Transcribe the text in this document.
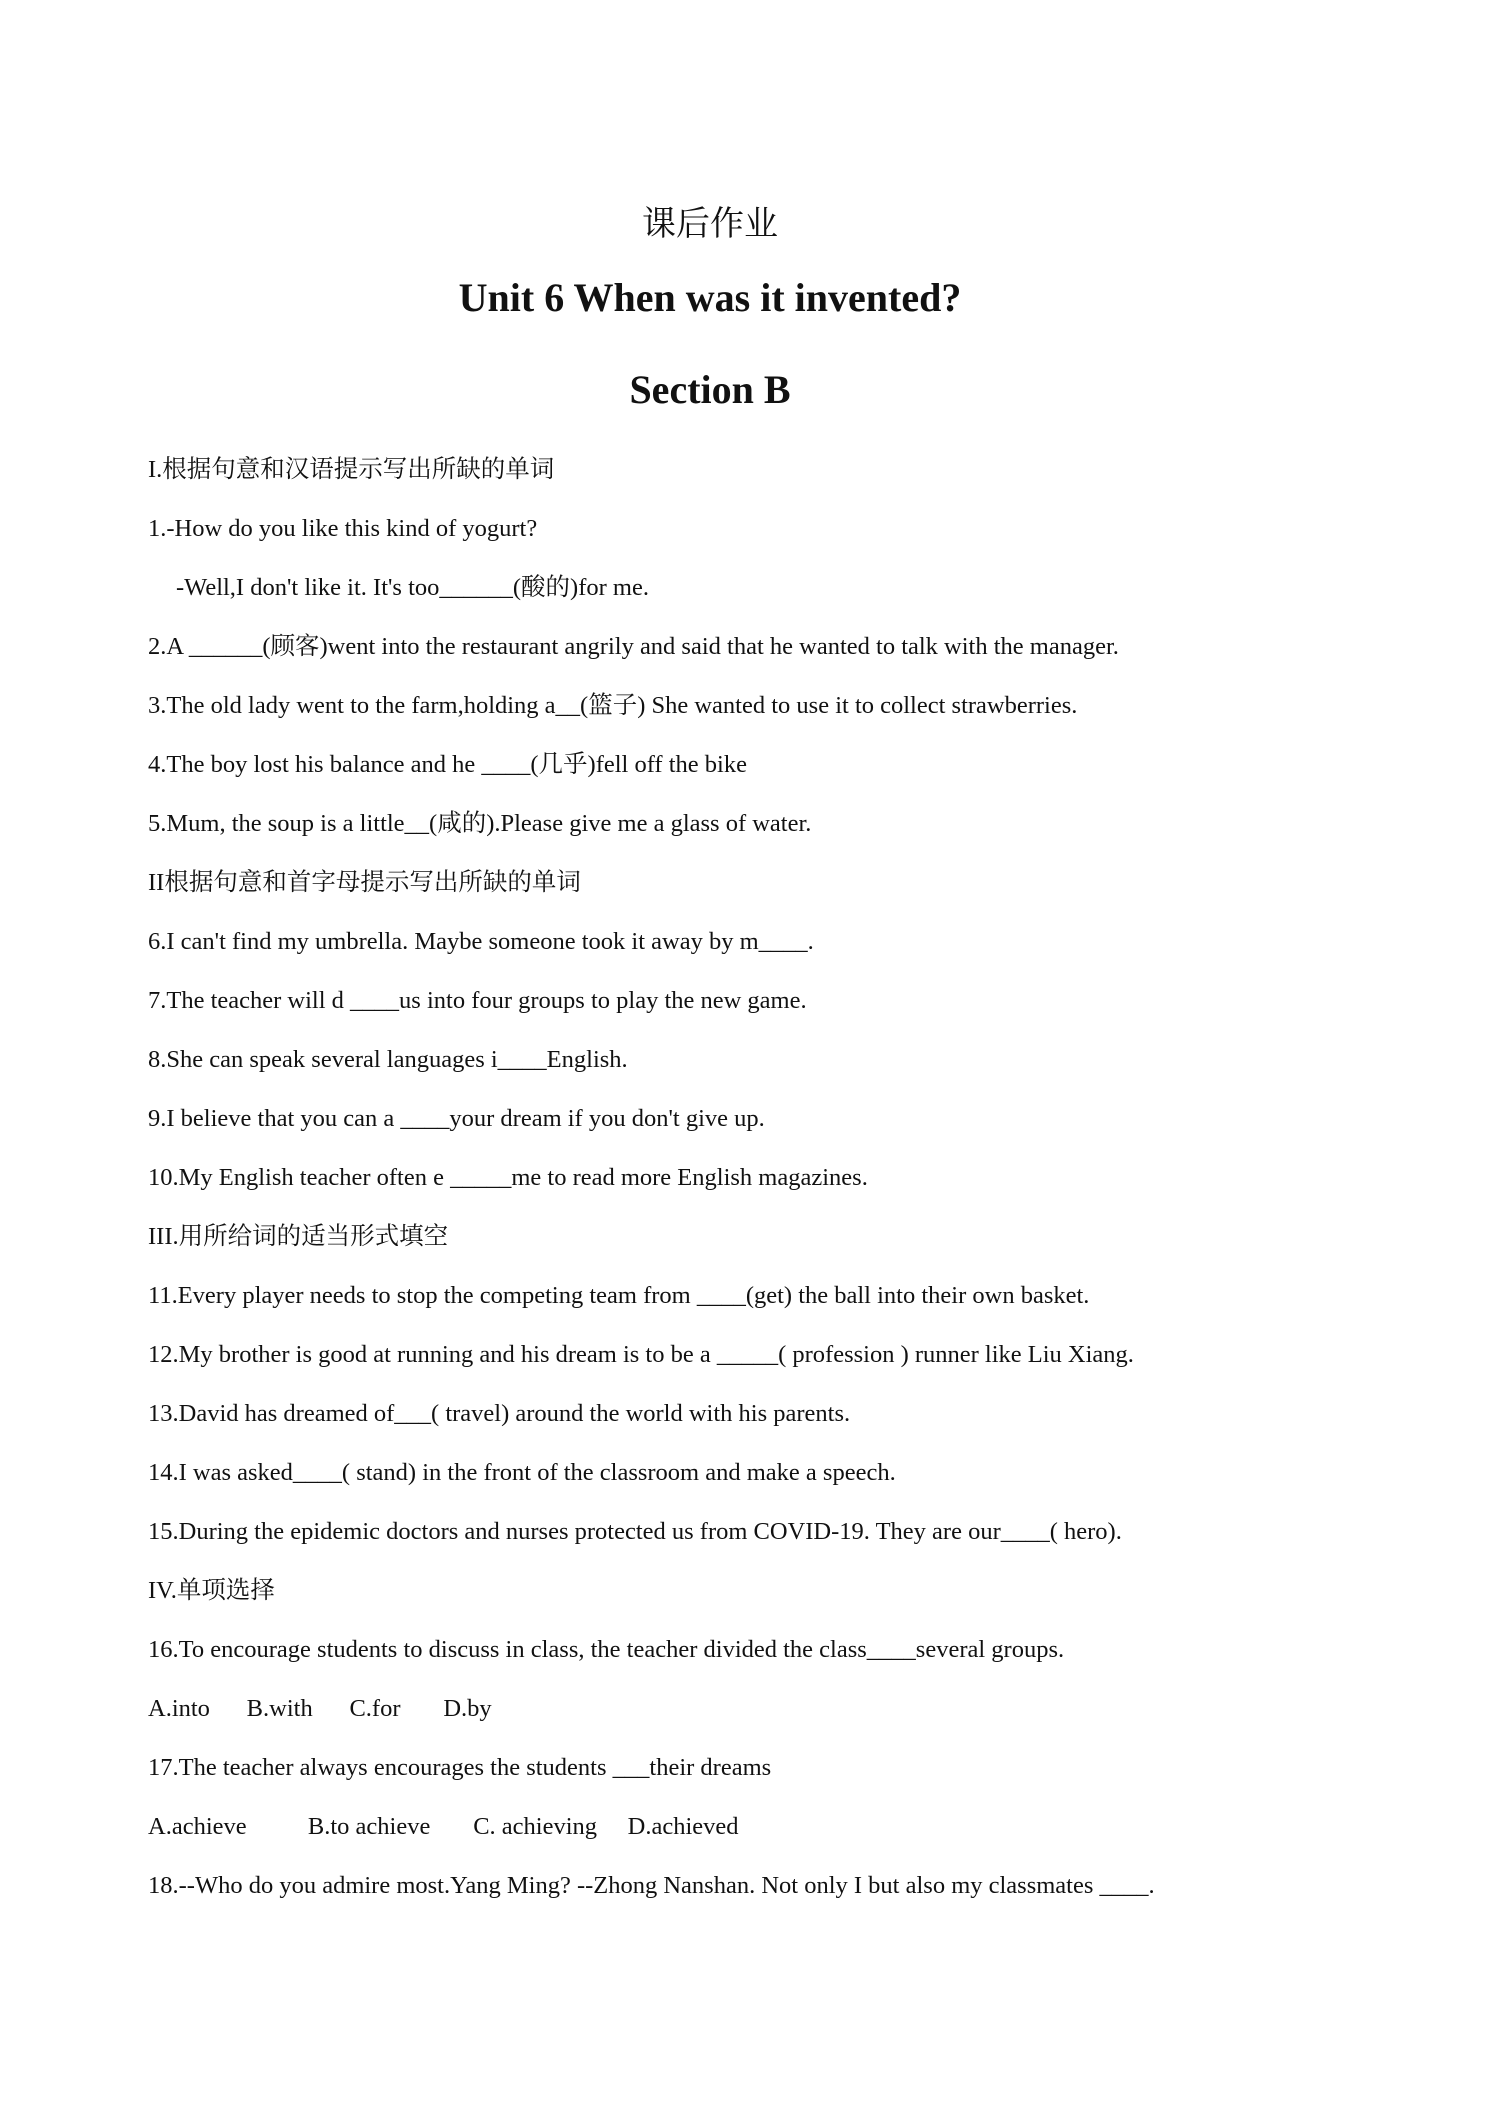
课后作业
Unit 6 When was it invented?
Section B
I.根据句意和汉语提示写出所缺的单词
1.-How do you like this kind of yogurt?
-Well,I don't like it. It's too______(酸的)for me.
2.A ______(顾客)went into the restaurant angrily and said that he wanted to talk with the manager.
3.The old lady went to the farm,holding a__(篮子) She wanted to use it to collect strawberries.
4.The boy lost his balance and he ____(几乎)fell off the bike
5.Mum, the soup is a little__(咸的).Please give me a glass of water.
II根据句意和首字母提示写出所缺的单词
6.I can't find my umbrella. Maybe someone took it away by m____.
7.The teacher will d ____us into four groups to play the new game.
8.She can speak several languages i____English.
9.I believe that you can a ____your dream if you don't give up.
10.My English teacher often e _____me to read more English magazines.
III.用所给词的适当形式填空
11.Every player needs to stop the competing team from ____(get) the ball into their own basket.
12.My brother is good at running and his dream is to be a _____( profession ) runner like Liu Xiang.
13.David has dreamed of___( travel) around the world with his parents.
14.I was asked____( stand) in the front of the classroom and make a speech.
15.During the epidemic doctors and nurses protected us from COVID-19. They are our____( hero).
IV.单项选择
16.To encourage students to discuss in class, the teacher divided the class____several groups.
A.into      B.with      C.for       D.by
17.The teacher always encourages the students ___their dreams
A.achieve          B.to achieve       C. achieving     D.achieved
18.--Who do you admire most.Yang Ming? --Zhong Nanshan. Not only I but also my classmates ____.
